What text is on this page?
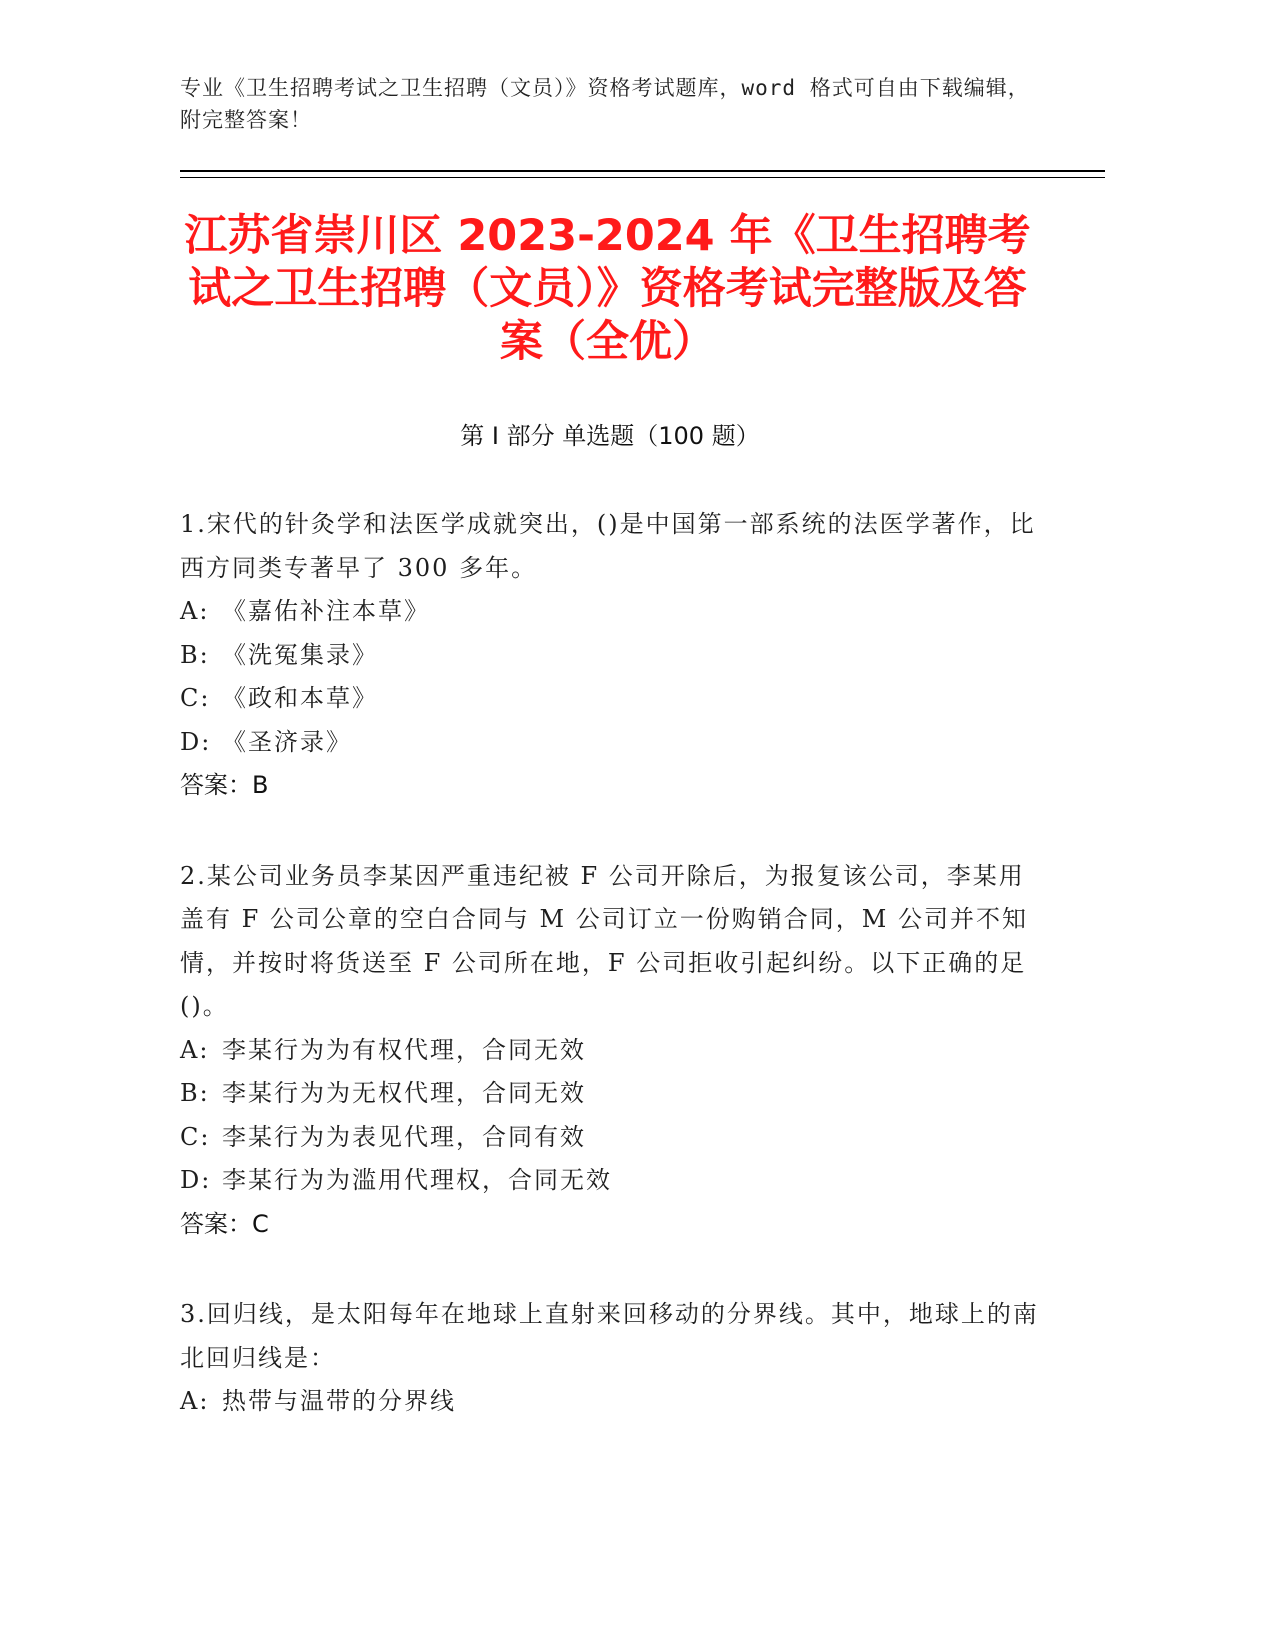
专业《卫生招聘考试之卫生招聘（文员）》资格考试题库，word 格式可自由下载编辑，附完整答案！
江苏省崇川区 2023-2024 年《卫生招聘考试之卫生招聘（文员）》资格考试完整版及答案（全优）
第 I 部分 单选题（100 题）

1.宋代的针灸学和法医学成就突出，()是中国第一部系统的法医学著作，比西方同类专著早了 300 多年。

A: 《嘉佑补注本草》

B: 《洗冤集录》

C: 《政和本草》

D: 《圣济录》

答案：B

2.某公司业务员李某因严重违纪被 F 公司开除后，为报复该公司，李某用盖有 F 公司公章的空白合同与 M 公司订立一份购销合同，M 公司并不知情，并按时将货送至 F 公司所在地，F 公司拒收引起纠纷。以下正确的足()。

A: 李某行为为有权代理，合同无效

B: 李某行为为无权代理，合同无效

C: 李某行为为表见代理，合同有效

D: 李某行为为滥用代理权，合同无效

答案：C

3.回归线，是太阳每年在地球上直射来回移动的分界线。其中，地球上的南北回归线是：

A: 热带与温带的分界线
